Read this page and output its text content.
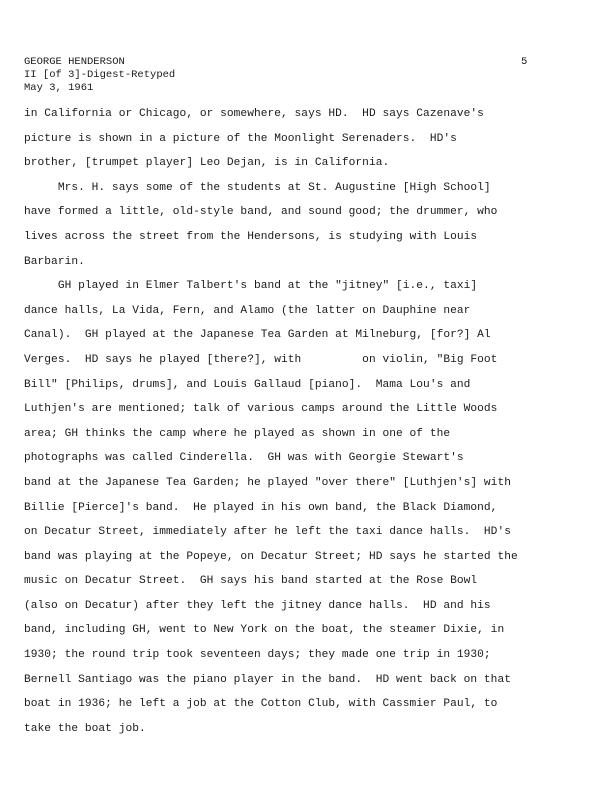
GEORGE HENDERSON
II [of 3]-Digest-Retyped
May 3, 1961
5
in California or Chicago, or somewhere, says HD.  HD says Cazenave's
picture is shown in a picture of the Moonlight Serenaders.  HD's
brother, [trumpet player] Leo Dejan, is in California.
Mrs. H. says some of the students at St. Augustine [High School]
have formed a little, old-style band, and sound good; the drummer, who
lives across the street from the Hendersons, is studying with Louis
Barbarin.
GH played in Elmer Talbert's band at the "jitney" [i.e., taxi]
dance halls, La Vida, Fern, and Alamo (the latter on Dauphine near
Canal).  GH played at the Japanese Tea Garden at Milneburg, [for?] Al
Verges.  HD says he played [there?], with         on violin, "Big Foot
Bill" [Philips, drums], and Louis Gallaud [piano].  Mama Lou's and
Luthjen's are mentioned; talk of various camps around the Little Woods
area; GH thinks the camp where he played as shown in one of the
photographs was called Cinderella.  GH was with Georgie Stewart's
band at the Japanese Tea Garden; he played "over there" [Luthjen's] with
Billie [Pierce]'s band.  He played in his own band, the Black Diamond,
on Decatur Street, immediately after he left the taxi dance halls.  HD's
band was playing at the Popeye, on Decatur Street; HD says he started the
music on Decatur Street.  GH says his band started at the Rose Bowl
(also on Decatur) after they left the jitney dance halls.  HD and his
band, including GH, went to New York on the boat, the steamer Dixie, in
1930; the round trip took seventeen days; they made one trip in 1930;
Bernell Santiago was the piano player in the band.  HD went back on that
boat in 1936; he left a job at the Cotton Club, with Cassmier Paul, to
take the boat job.
